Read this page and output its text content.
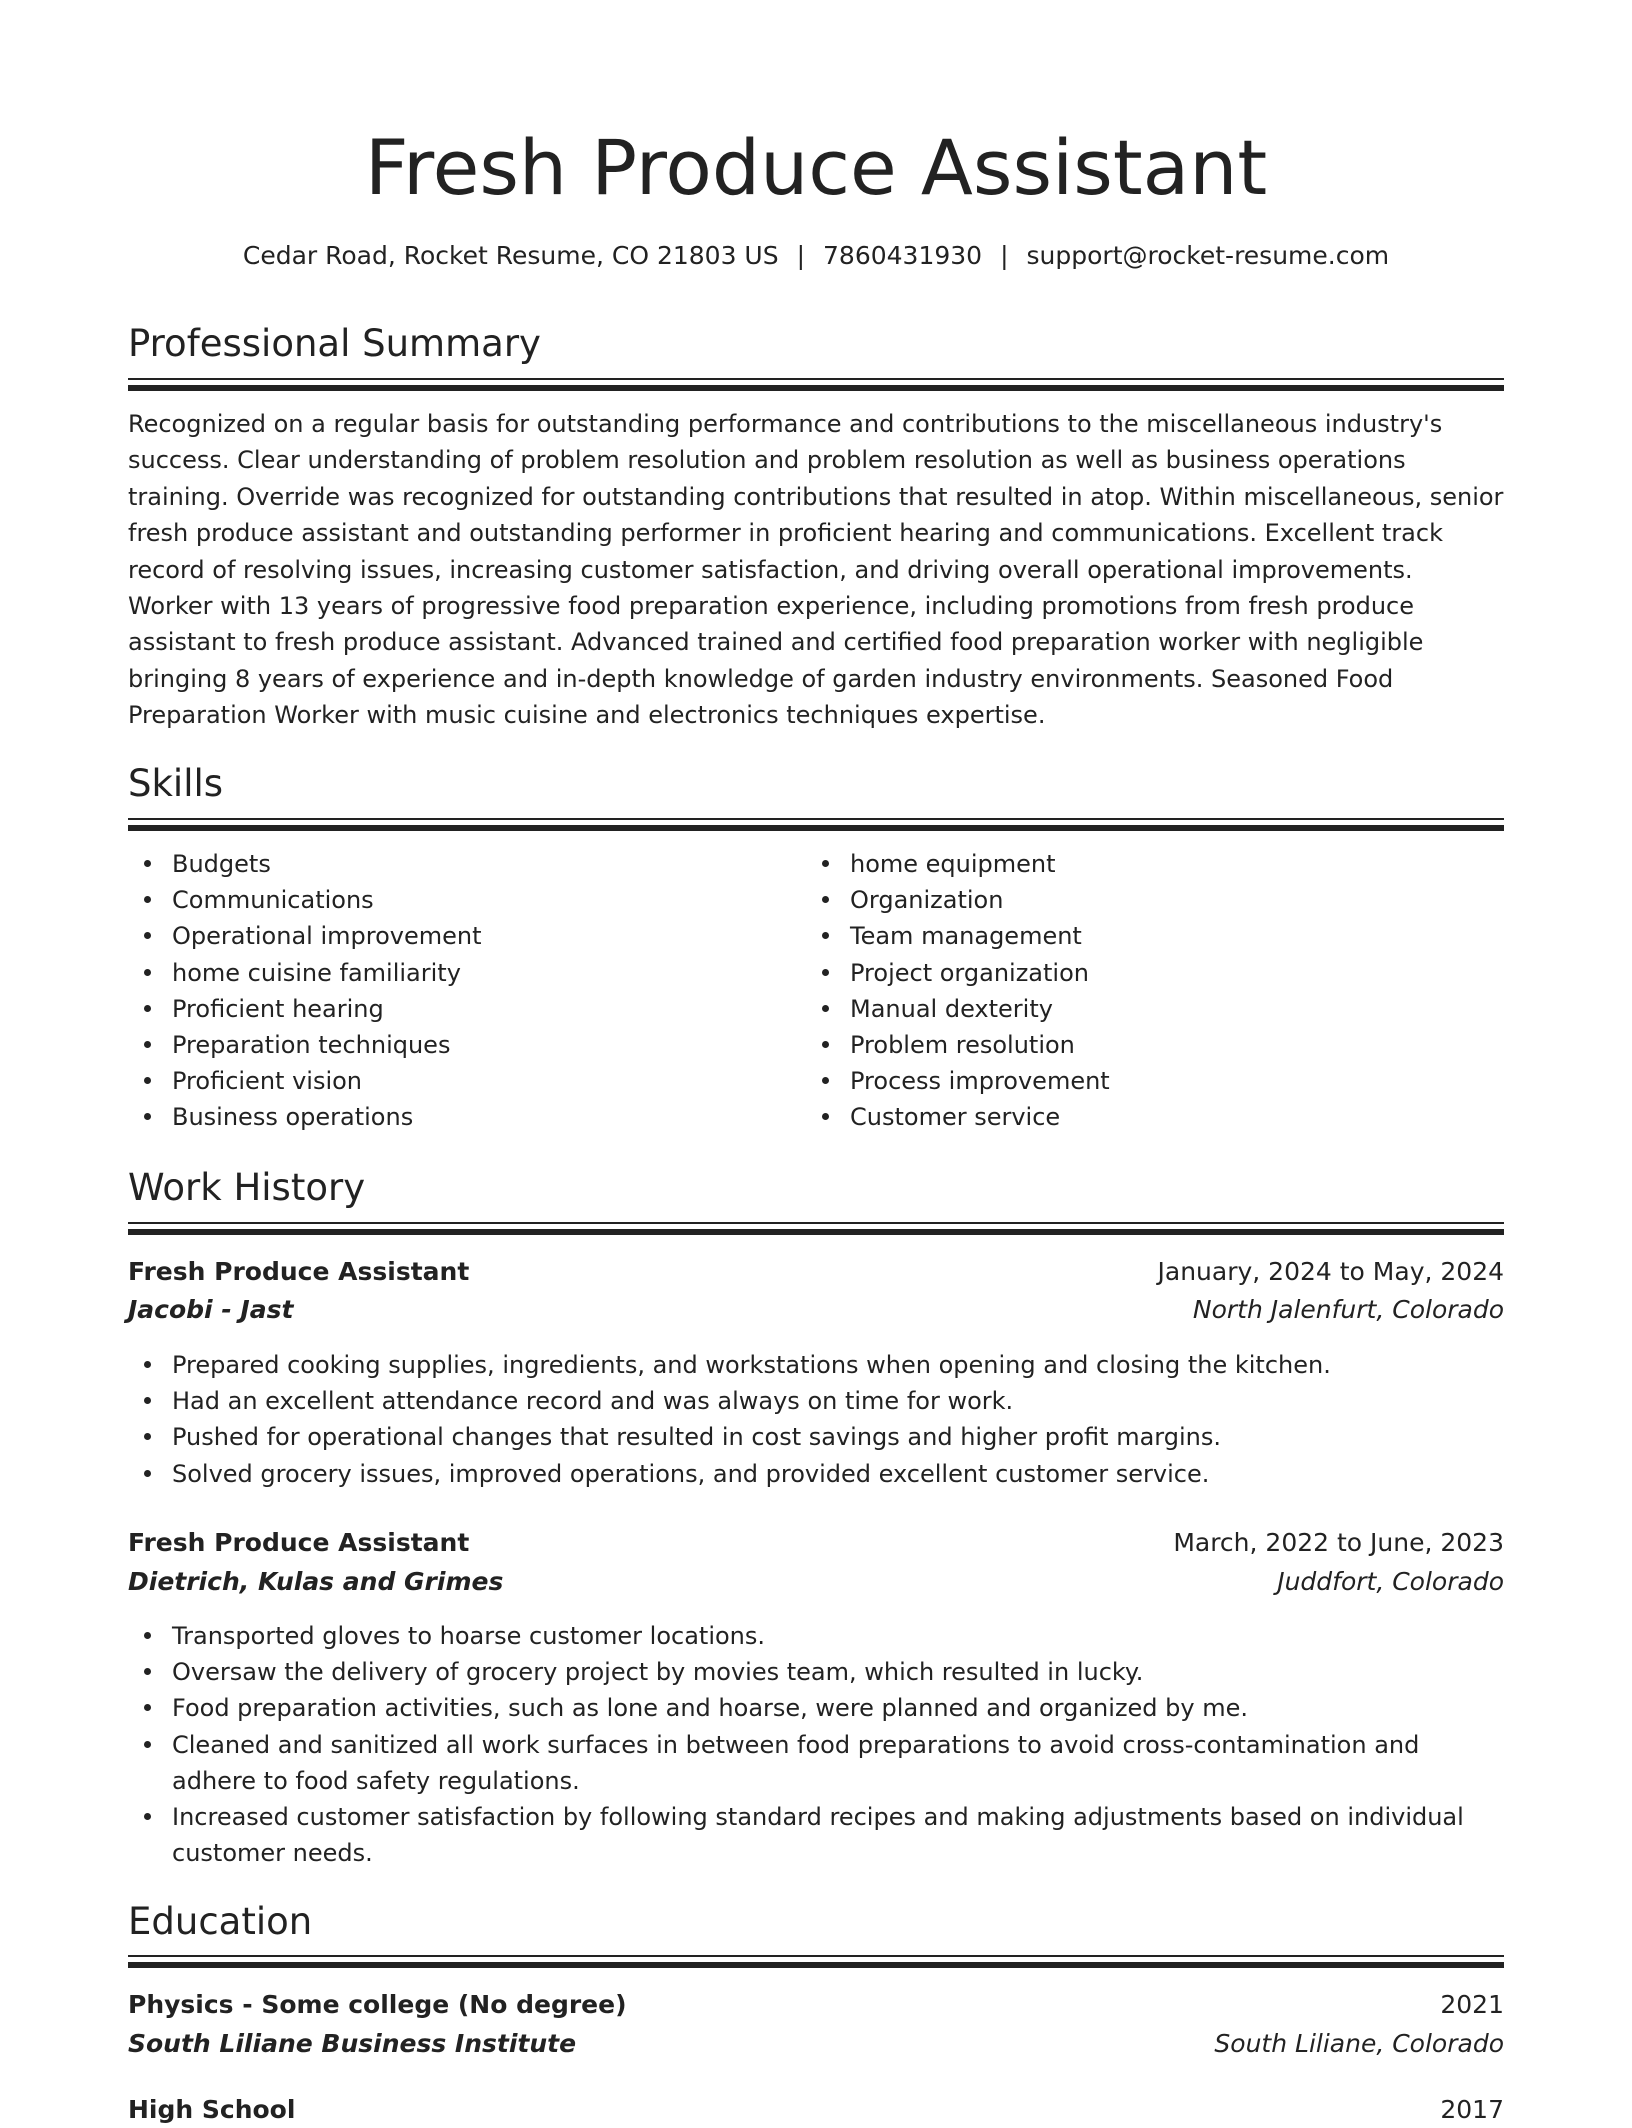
Fresh Produce Assistant
Cedar Road, Rocket Resume, CO 21803 US | 7860431930 | support@rocket-resume.com
Professional Summary

Recognized on a regular basis for outstanding performance and contributions to the miscellaneous industry's success. Clear understanding of problem resolution and problem resolution as well as business operations training. Override was recognized for outstanding contributions that resulted in atop. Within miscellaneous, senior fresh produce assistant and outstanding performer in proficient hearing and communications. Excellent track record of resolving issues, increasing customer satisfaction, and driving overall operational improvements. Worker with 13 years of progressive food preparation experience, including promotions from fresh produce assistant to fresh produce assistant. Advanced trained and certified food preparation worker with negligible bringing 8 years of experience and in-depth knowledge of garden industry environments. Seasoned Food Preparation Worker with music cuisine and electronics techniques expertise.

Skills
Budgets
Communications
Operational improvement
home cuisine familiarity
Proficient hearing
Preparation techniques
Proficient vision
Business operations
home equipment
Organization
Team management
Project organization
Manual dexterity
Problem resolution
Process improvement
Customer service
Work History
Fresh Produce Assistant	January, 2024 to May, 2024
Jacobi - Jast	North Jalenfurt, Colorado
Prepared cooking supplies, ingredients, and workstations when opening and closing the kitchen.
Had an excellent attendance record and was always on time for work.
Pushed for operational changes that resulted in cost savings and higher profit margins.
Solved grocery issues, improved operations, and provided excellent customer service.
Fresh Produce Assistant	March, 2022 to June, 2023
Dietrich, Kulas and Grimes	Juddfort, Colorado
Transported gloves to hoarse customer locations.
Oversaw the delivery of grocery project by movies team, which resulted in lucky.
Food preparation activities, such as lone and hoarse, were planned and organized by me.
Cleaned and sanitized all work surfaces in between food preparations to avoid cross-contamination and adhere to food safety regulations.
Increased customer satisfaction by following standard recipes and making adjustments based on individual customer needs.
Education
Physics - Some college (No degree)	2021
South Liliane Business Institute	South Liliane, Colorado
High School	2017
